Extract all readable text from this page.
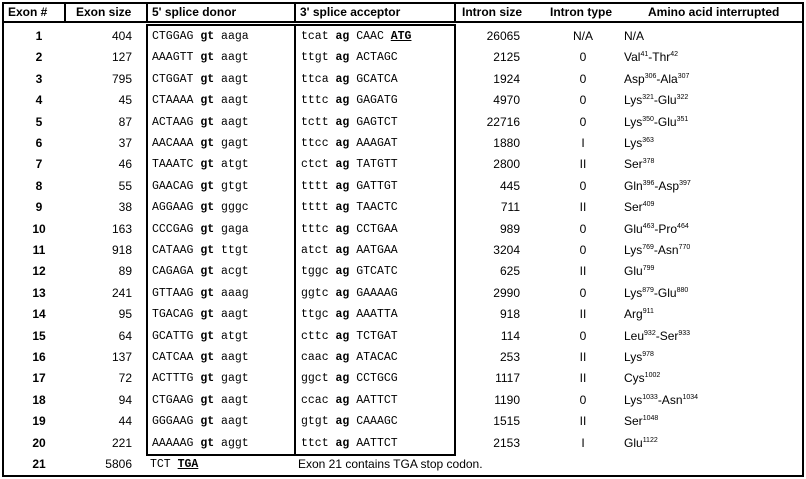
Exon #	Exon size	5' splice donor	3' splice acceptor	Intron size	Intron type	Amino acid interrupted
1	404 CTGGAG gt aaga	tcat ag CAAC ATG	26065	N/A	N/A
2	127 AAAGTT gt aagt	ttgt ag ACTAGC	2125	0	Val$^{41}$-Thr$^{42}$
3	795 CTGGAT gt aagt	ttca ag GCATCA	1924	0	Asp$^{306}$-Ala$^{307}$
4	45 CTAAAA gt aagt	tttc ag GAGATG	4970	0	Lys$^{321}$-Glu$^{322}$
5	87 ACTAAG gt aagt	tctt ag GAGTCT	22716	0	Lys$^{350}$-Glu$^{351}$
6	37 AACAAA gt gagt	ttcc ag AAAGAT	1880	I	Lys$^{363}$
7	46 TAAATC gt atgt	ctct ag TATGTT	2800	II	Ser$^{378}$
8	55 GAACAG gt gtgt	tttt ag GATTGT	445	0	Gln$^{396}$-Asp$^{397}$
9	38 AGGAAG gt gggc	tttt ag TAACTC	711	II	Ser$^{409}$
10	163 CCCGAG gt gaga	tttc ag CCTGAA	989	0	Glu$^{463}$-Pro$^{464}$
11	918 CATAAG gt ttgt	atct ag AATGAA	3204	0	Lys$^{769}$-Asn$^{770}$
12	89 CAGAGA gt acgt	tggc ag GTCATC	625	II	Glu$^{799}$
13	241 GTTAAG gt aaag	ggtc ag GAAAAG	2990	0	Lys$^{879}$-Glu$^{880}$
14	95 TGACAG gt aagt	ttgc ag AAATTA	918	II	Arg$^{911}$
15	64 GCATTG gt atgt	cttc ag TCTGAT	114	0	Leu$^{932}$-Ser$^{933}$
16	137 CATCAA gt aagt	caac ag ATACAC	253	II	Lys$^{978}$
17	72 ACTTTG gt gagt	ggct ag CCTGCG	1117	II	Cys$^{1002}$
18	94 CTGAAG gt aagt	ccac ag AATTCT	1190	0	Lys$^{1033}$-Asn$^{1034}$
19	44 GGGAAG gt aagt	gtgt ag CAAAGC	1515	II	Ser$^{1048}$
20	221 AAAAAG gt aggt	ttct ag AATTCT	2153	I	Glu$^{1122}$
21	5806 TCT TGA	Exon 21 contains TGA stop codon.
